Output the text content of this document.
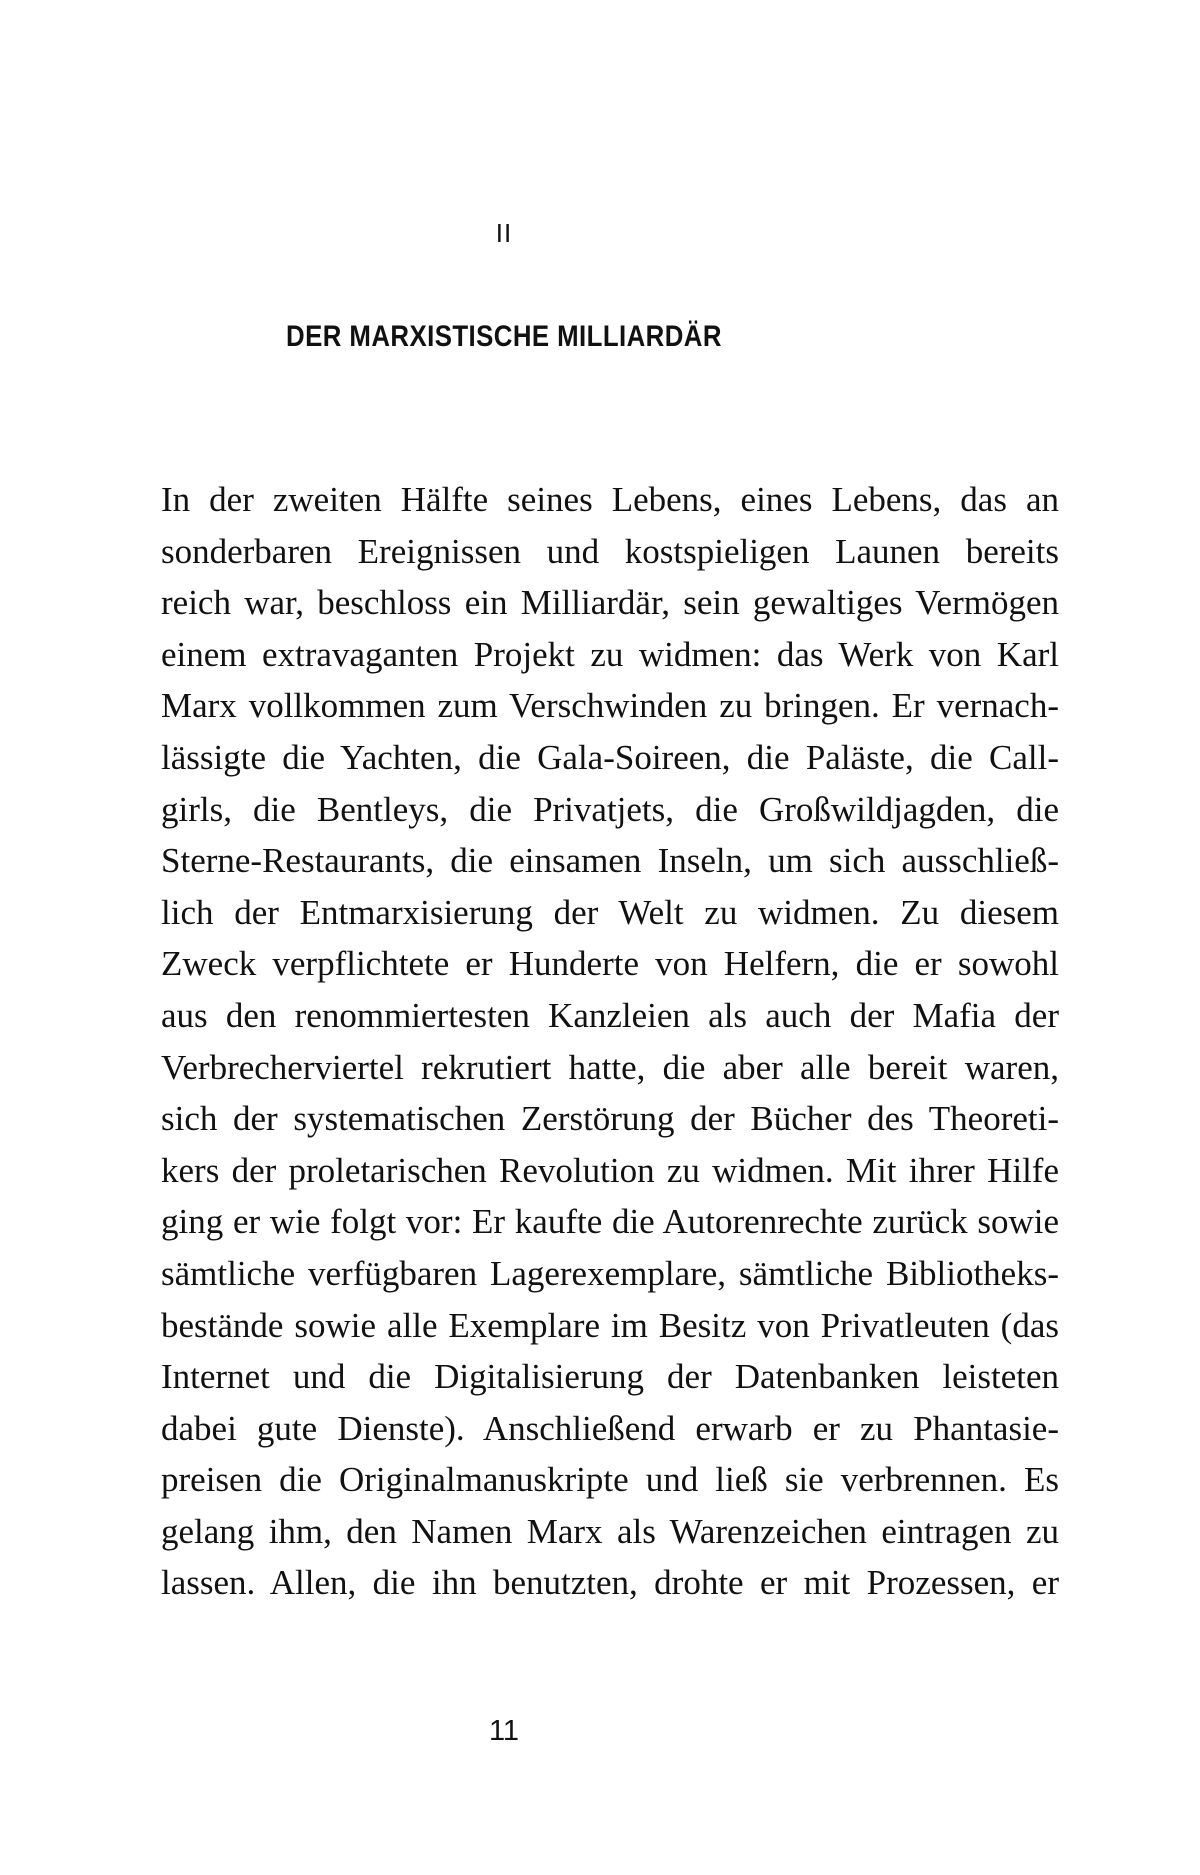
II
DER MARXISTISCHE MILLIARDÄR
In der zweiten Hälfte seines Lebens, eines Lebens, das an
sonderbaren Ereignissen und kostspieligen Launen bereits
reich war, beschloss ein Milliardär, sein gewaltiges Vermögen
einem extravaganten Projekt zu widmen: das Werk von Karl
Marx vollkommen zum Verschwinden zu bringen. Er vernach-
lässigte die Yachten, die Gala-Soireen, die Paläste, die Call-
girls, die Bentleys, die Privatjets, die Großwildjagden, die
Sterne-Restaurants, die einsamen Inseln, um sich ausschließ-
lich der Entmarxisierung der Welt zu widmen. Zu diesem
Zweck verpflichtete er Hunderte von Helfern, die er sowohl
aus den renommiertesten Kanzleien als auch der Mafia der
Verbrecherviertel rekrutiert hatte, die aber alle bereit waren,
sich der systematischen Zerstörung der Bücher des Theoreti-
kers der proletarischen Revolution zu widmen. Mit ihrer Hilfe
ging er wie folgt vor: Er kaufte die Autorenrechte zurück sowie
sämtliche verfügbaren Lagerexemplare, sämtliche Bibliotheks-
bestände sowie alle Exemplare im Besitz von Privatleuten (das
Internet und die Digitalisierung der Datenbanken leisteten
dabei gute Dienste). Anschließend erwarb er zu Phantasie-
preisen die Originalmanuskripte und ließ sie verbrennen. Es
gelang ihm, den Namen Marx als Warenzeichen eintragen zu
lassen. Allen, die ihn benutzten, drohte er mit Prozessen, er
11
